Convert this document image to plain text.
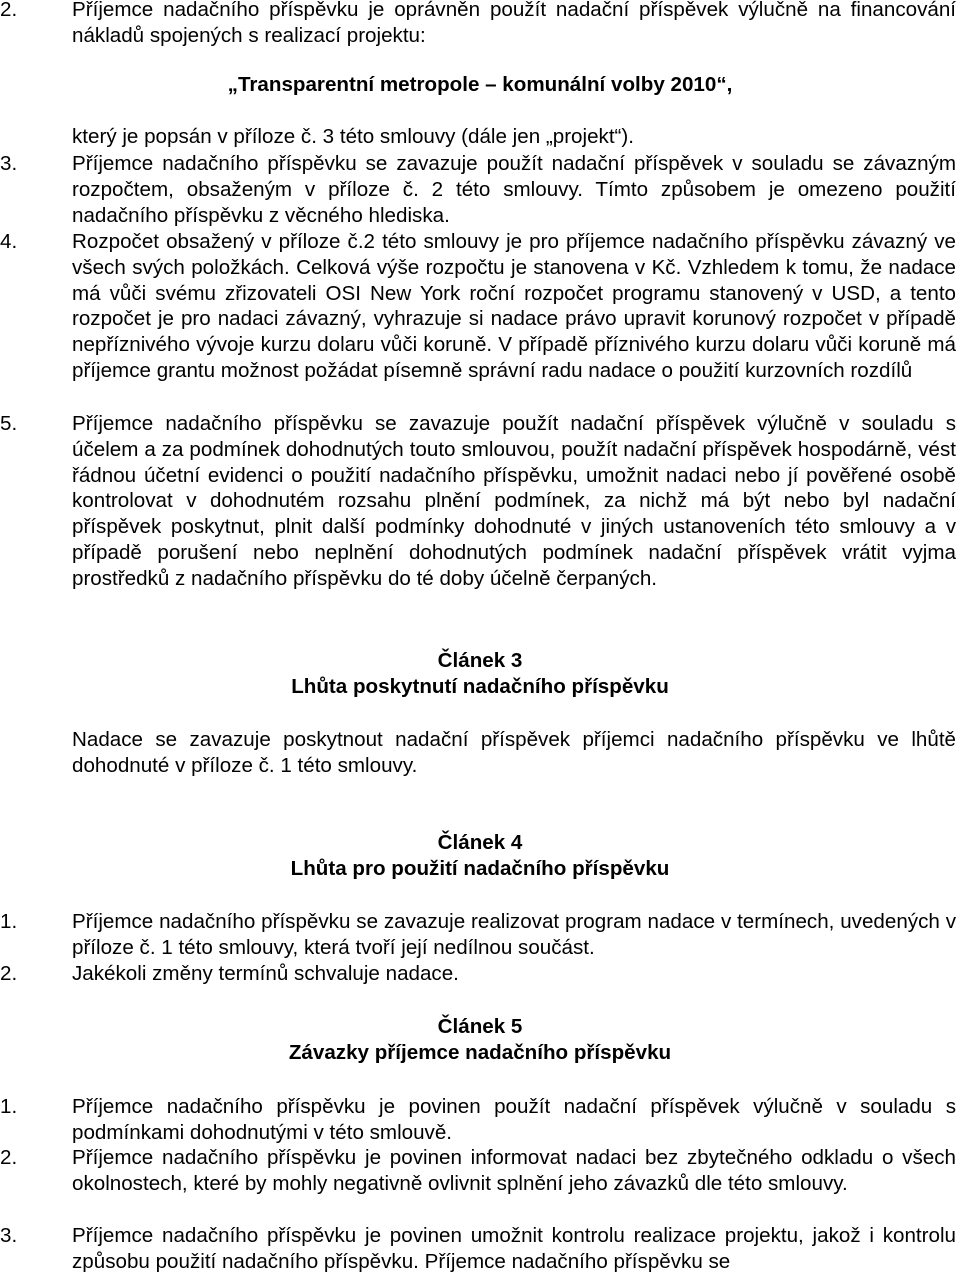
2.	Příjemce nadačního příspěvku je oprávněn použít nadační příspěvek výlučně na financování nákladů spojených s realizací projektu:

„Transparentní metropole – komunální volby 2010“,

který je popsán v příloze č. 3 této smlouvy (dále jen „projekt“).

3.	Příjemce nadačního příspěvku se zavazuje použít nadační příspěvek v souladu se závazným rozpočtem, obsaženým v příloze č. 2 této smlouvy. Tímto způsobem je omezeno použití nadačního příspěvku z věcného hlediska.
4.	Rozpočet obsažený v příloze č.2 této smlouvy je pro příjemce nadačního příspěvku závazný ve všech svých položkách. Celková výše rozpočtu je stanovena v Kč. Vzhledem k tomu, že nadace má vůči svému zřizovateli OSI New York roční rozpočet programu stanovený v USD, a tento rozpočet je pro nadaci závazný, vyhrazuje si nadace právo upravit korunový rozpočet v případě nepříznivého vývoje kurzu dolaru vůči koruně. V případě příznivého kurzu dolaru vůči koruně má příjemce grantu možnost požádat písemně správní radu nadace o použití kurzovních rozdílů
5.	Příjemce nadačního příspěvku se zavazuje použít nadační příspěvek výlučně v souladu s účelem a za podmínek dohodnutých touto smlouvou, použít nadační příspěvek hospodárně, vést řádnou účetní evidenci o použití nadačního příspěvku, umožnit nadaci nebo jí pověřené osobě kontrolovat v dohodnutém rozsahu plnění podmínek, za nichž má být nebo byl nadační příspěvek poskytnut, plnit další podmínky dohodnuté v jiných ustanoveních této smlouvy a v případě porušení nebo neplnění dohodnutých podmínek nadační příspěvek vrátit vyjma prostředků z nadačního příspěvku do té doby účelně čerpaných.

Článek 3

Lhůta poskytnutí nadačního příspěvku

Nadace se zavazuje poskytnout nadační příspěvek příjemci nadačního příspěvku ve lhůtě dohodnuté v příloze č. 1 této smlouvy.

Článek 4

Lhůta pro použití nadačního příspěvku

1.	Příjemce nadačního příspěvku se zavazuje realizovat program nadace v termínech, uvedených v příloze č. 1 této smlouvy, která tvoří její nedílnou součást.
2.	Jakékoli změny termínů schvaluje nadace.

Článek 5

Závazky příjemce nadačního příspěvku

1.	Příjemce nadačního příspěvku je povinen použít nadační příspěvek výlučně v souladu s podmínkami dohodnutými v této smlouvě.
2.	Příjemce nadačního příspěvku je povinen informovat nadaci bez zbytečného odkladu o všech okolnostech, které by mohly negativně ovlivnit splnění jeho závazků dle této smlouvy.
3.	Příjemce nadačního příspěvku je povinen umožnit kontrolu realizace projektu, jakož i kontrolu způsobu použití nadačního příspěvku. Příjemce nadačního příspěvku se
